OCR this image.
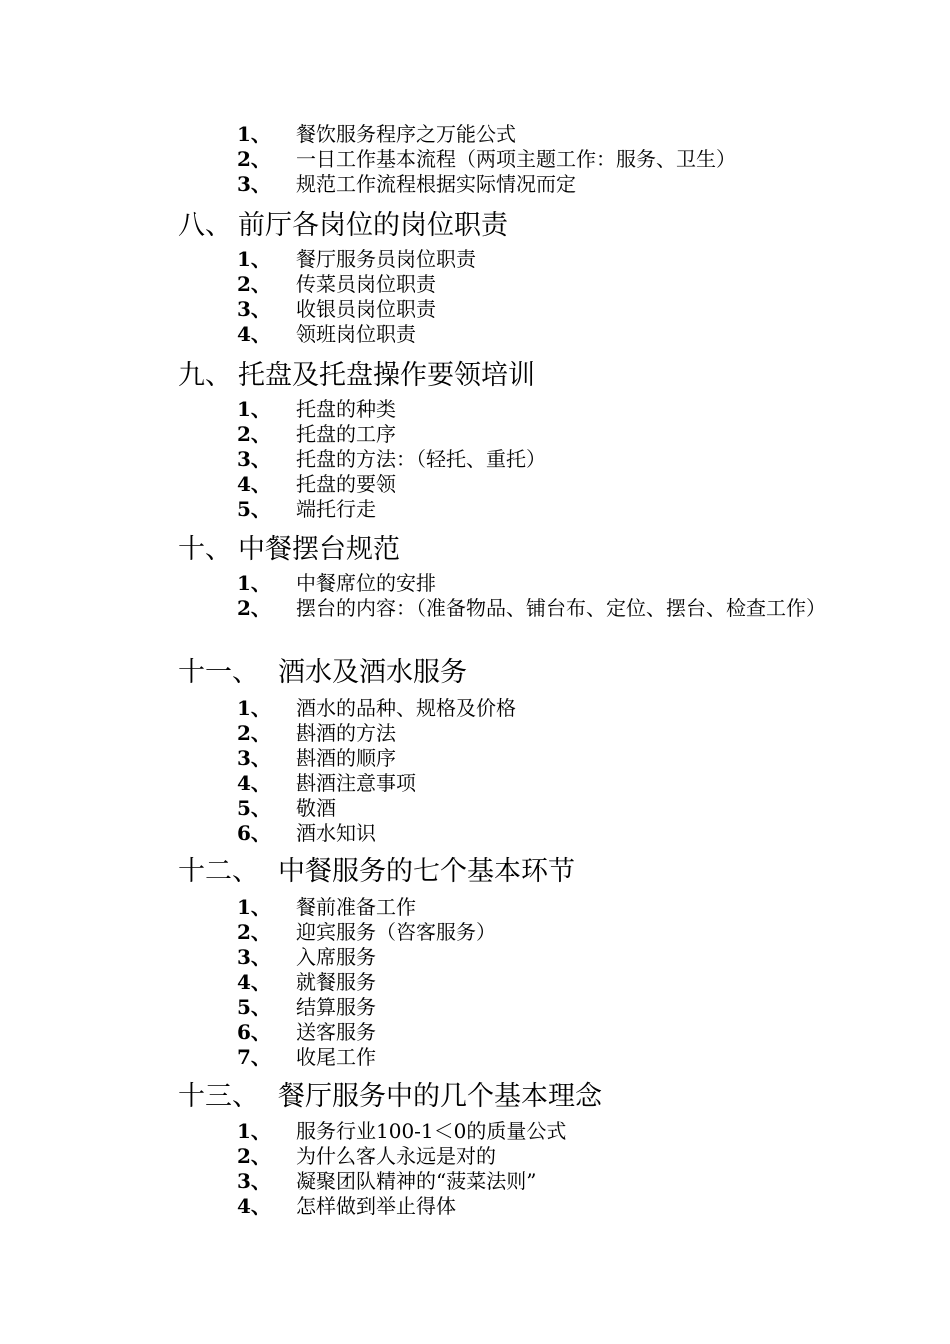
1、 餐饮服务程序之万能公式
2、 一日工作基本流程（两项主题工作：服务、卫生）
3、 规范工作流程根据实际情况而定
八、 前厅各岗位的岗位职责
1、 餐厅服务员岗位职责
2、 传菜员岗位职责
3、 收银员岗位职责
4、 领班岗位职责
九、 托盘及托盘操作要领培训
1、 托盘的种类
2、 托盘的工序
3、 托盘的方法：（轻托、重托）
4、 托盘的要领
5、 端托行走
十、 中餐摆台规范
1、 中餐席位的安排
2、 摆台的内容：（准备物品、铺台布、定位、摆台、检查工作）
十一、 酒水及酒水服务
1、 酒水的品种、规格及价格
2、 斟酒的方法
3、 斟酒的顺序
4、 斟酒注意事项
5、 敬酒
6、 酒水知识
十二、 中餐服务的七个基本环节
1、 餐前准备工作
2、 迎宾服务（咨客服务）
3、 入席服务
4、 就餐服务
5、 结算服务
6、 送客服务
7、 收尾工作
十三、 餐厅服务中的几个基本理念
1、 服务行业100-1＜0的质量公式
2、 为什么客人永远是对的
3、 凝聚团队精神的“菠菜法则”
4、 怎样做到举止得体
